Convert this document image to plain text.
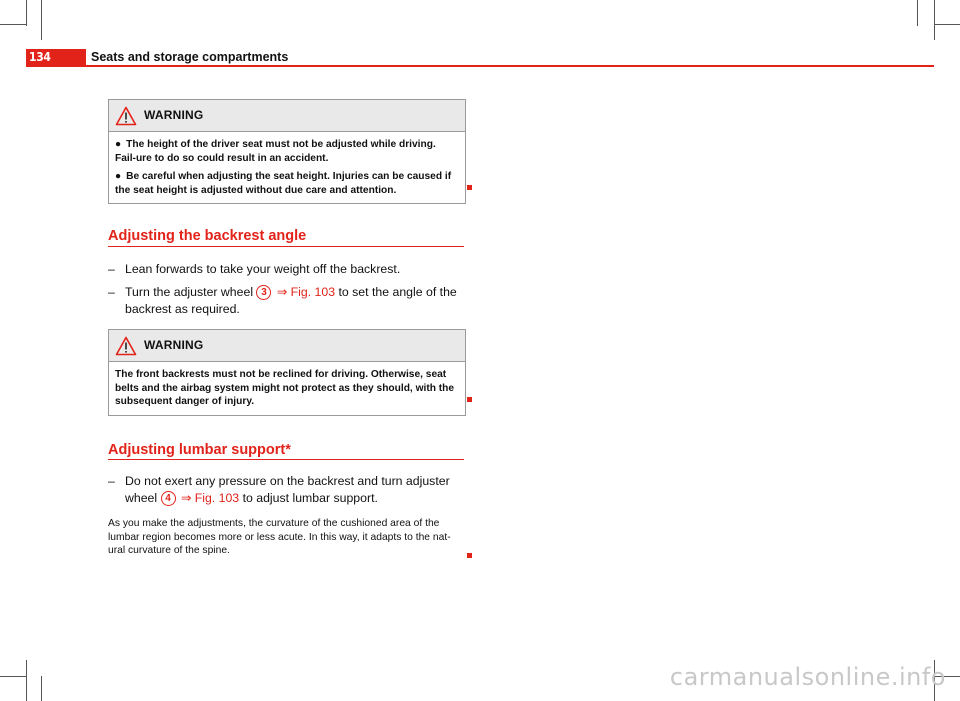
134	Seats and storage compartments
WARNING

● The height of the driver seat must not be adjusted while driving. Fail-ure to do so could result in an accident.

● Be careful when adjusting the seat height. Injuries can be caused if the seat height is adjusted without due care and attention.

Adjusting the backrest angle
– Lean forwards to take your weight off the backrest.
– Turn the adjuster wheel 3 ⇒ Fig. 103 to set the angle of the backrest as required.
WARNING

The front backrests must not be reclined for driving. Otherwise, seat belts and the airbag system might not protect as they should, with the subsequent danger of injury.

Adjusting lumbar support*
– Do not exert any pressure on the backrest and turn adjuster wheel 4 ⇒ Fig. 103 to adjust lumbar support.
As you make the adjustments, the curvature of the cushioned area of the lumbar region becomes more or less acute. In this way, it adapts to the nat-ural curvature of the spine.
carmanualsonline.info
